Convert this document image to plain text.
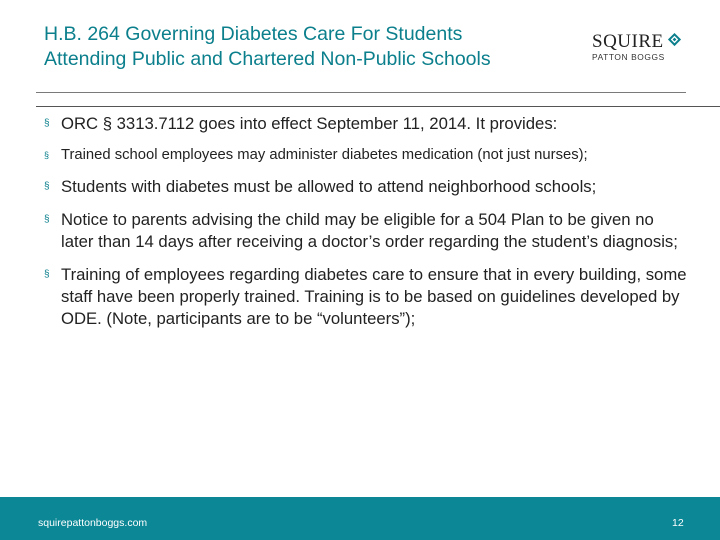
H.B. 264 Governing Diabetes Care For Students
Attending Public and Chartered Non-Public Schools
SQUIRE
PATTON BOGGS
§ ORC § 3313.7112 goes into effect September 11, 2014. It provides:
§ Trained school employees may administer diabetes medication (not just nurses);
§ Students with diabetes must be allowed to attend neighborhood schools;
§ Notice to parents advising the child may be eligible for a 504 Plan to be given no later than 14 days after receiving a doctor’s order regarding the student’s diagnosis;
§ Training of employees regarding diabetes care to ensure that in every building, some staff have been properly trained. Training is to be based on guidelines developed by ODE. (Note, participants are to be “volunteers”);
squirepattonboggs.com	12
